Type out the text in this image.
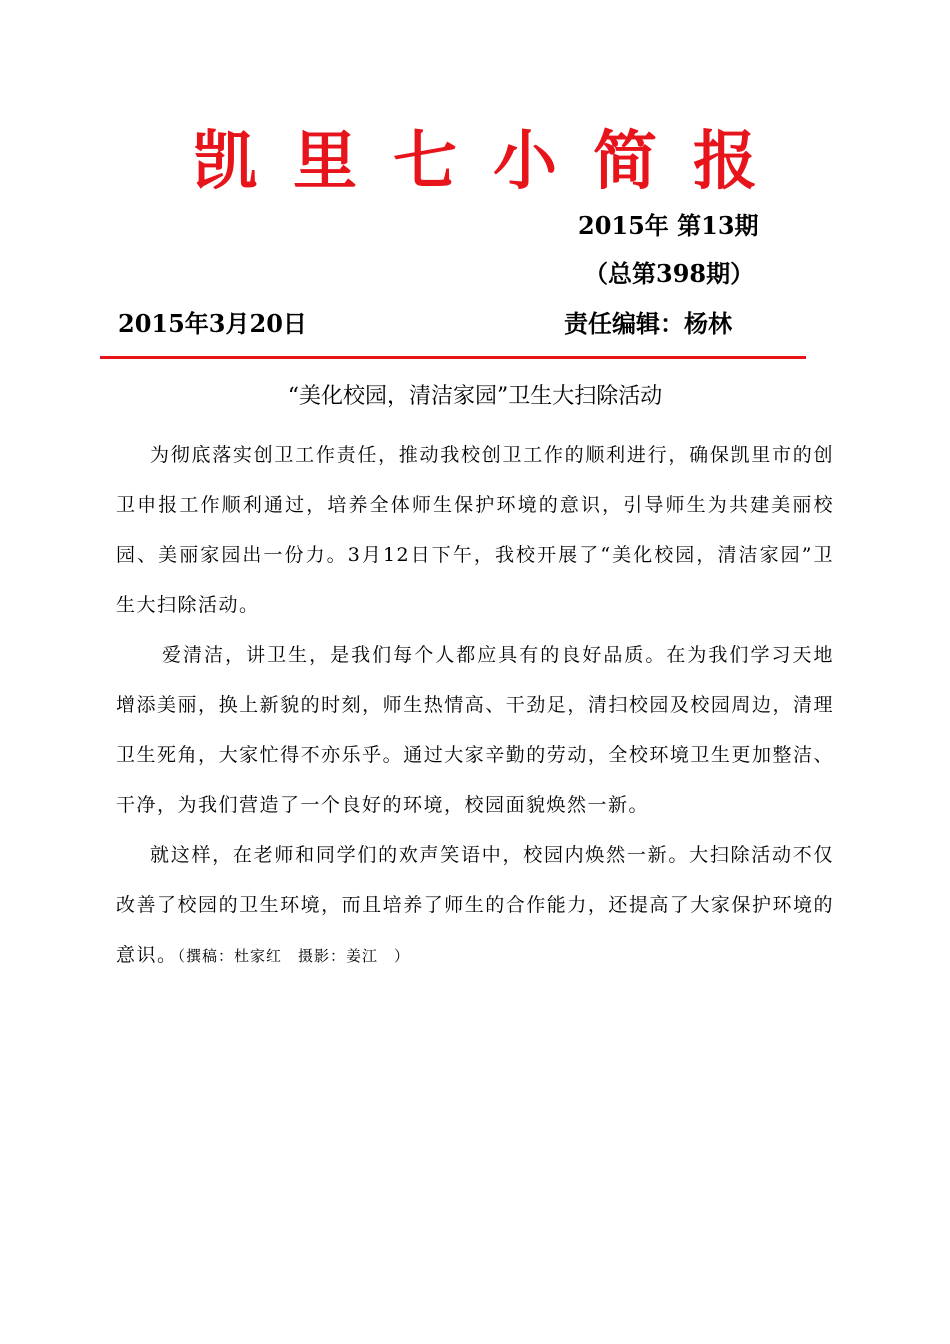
凯里七小简报
2015年 第13期
（总第398期）
2015年3月20日	责任编辑：杨林
“美化校园，清洁家园”卫生大扫除活动

为彻底落实创卫工作责任，推动我校创卫工作的顺利进行，确保凯里市的创卫申报工作顺利通过，培养全体师生保护环境的意识，引导师生为共建美丽校园、美丽家园出一份力。3月12日下午，我校开展了“美化校园，清洁家园”卫生大扫除活动。

爱清洁，讲卫生，是我们每个人都应具有的良好品质。在为我们学习天地增添美丽，换上新貌的时刻，师生热情高、干劲足，清扫校园及校园周边，清理卫生死角，大家忙得不亦乐乎。通过大家辛勤的劳动，全校环境卫生更加整洁、干净，为我们营造了一个良好的环境，校园面貌焕然一新。

就这样，在老师和同学们的欢声笑语中，校园内焕然一新。大扫除活动不仅改善了校园的卫生环境，而且培养了师生的合作能力，还提高了大家保护环境的意识。（撰稿：杜家红　摄影：姜江　）
